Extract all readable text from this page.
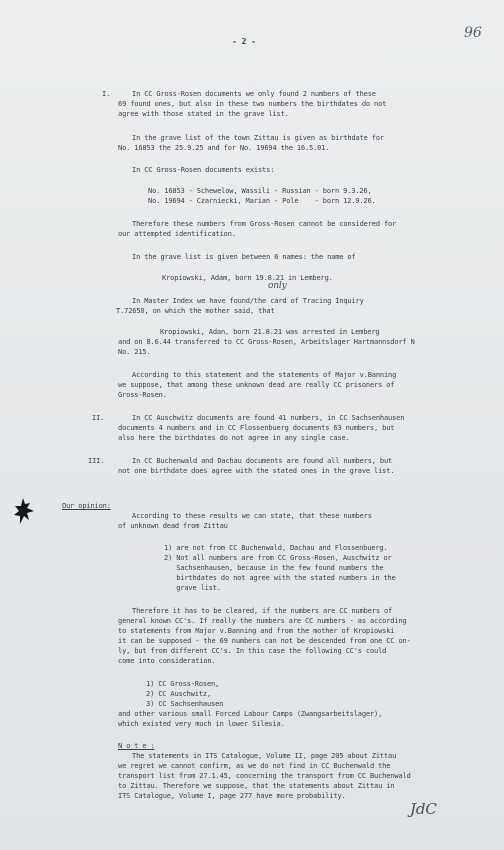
96
- 2 -
I.	In CC Gross-Rosen documents we only found 2 numbers of these
69 found ones, but also in these two numbers the birthdates do not
agree with those stated in the grave list.
In the grave list of the town Zittau is given as birthdate for
No. 16853 the 25.9.25 and for No. 19694 the 16.5.01.
In CC Gross-Rosen documents exists:
No. 16853 - Schewelow, Wassili - Russian - born 9.3.26,
No. 19694 - Czarniecki, Marian - Pole    - born 12.9.26.
Therefore these numbers from Gross-Rosen cannot be considered for
our attempted identification.
In the grave list is given between 6 names: the name of
Kropiowski, Adam, born 19.8.21 in Lemberg.
only
In Master Index we have found/the card of Tracing Inquiry
T.72650, on which the mother said, that
Kropiowski, Adan, born 21.8.21 was arrested in Lemberg
and on 8.6.44 transferred to CC Gross-Rosen, Arbeitslager Hartmannsdorf N
No. 215.
According to this statement and the statements of Major v.Banning
we suppose, that among these unknown dead are really CC prisoners of
Gross-Rosen.
II.	In CC Auschwitz documents are found 41 numbers, in CC Sachsenhausen
documents 4 numbers and in CC Flossenbuerg documents 63 numbers, but
also here the birthdates do not agree in any single case.
III.	In CC Buchenwald and Dachau documents are found all numbers, but
not one birthdate does agree with the stated ones in the grave list.
Our opinion:
According to these results we can state, that these numbers
of unknown dead from Zittau
1) are not from CC Buchenwald, Dachau and Flossenbuerg.
2) Not all numbers are from CC Gross-Rosen, Auschwitz or
Sachsenhausen, because in the few found numbers the
birthdates do not agree with the stated numbers in the
grave list.
Therefore it has to be cleared, if the numbers are CC numbers of
general known CC's. If really the numbers are CC numbers - as according
to statements from Major v.Banning and from the mother of Kropiowski
it can be supposed - the 69 numbers can not be descended from one CC on-
ly, but from different CC's. In this case the following CC's could
come into consideration.
1) CC Gross-Rosen,
2) CC Auschwitz,
3) CC Sachsenhausen
and other various small Forced Labour Camps (Zwangsarbeitslager),
which existed very much in lower Silesia.
N o t e :
The statements in ITS Catalogue, Volume II, page 205 about Zittau
we regret we cannot confirm, as we do not find in CC Buchenwald the
transport list from 27.1.45, concerning the transport from CC Buchenwald
to Zittau. Therefore we suppose, that the statements about Zittau in
ITS Catalogue, Volume I, page 277 have more probability.
JdC
